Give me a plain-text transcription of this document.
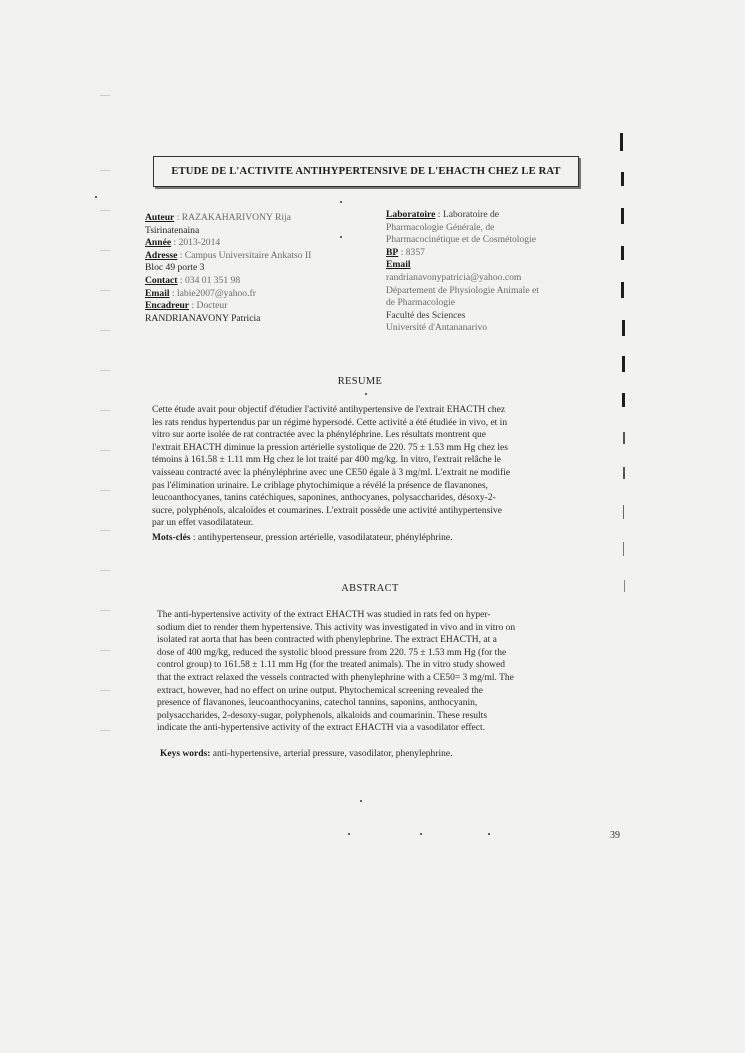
ETUDE DE L'ACTIVITE ANTIHYPERTENSIVE DE L'EHACTH CHEZ LE RAT
Auteur : RAZAKAHARIVONY Rija
Tsirinatenaina
Année : 2013-2014
Adresse : Campus Universitaire Ankatso II
Bloc 49 porte 3
Contact : 034 01 351 98
Email : labie2007@yahoo.fr
Encadreur : Docteur
RANDRIANAVONY Patricia
Laboratoire : Laboratoire de
Pharmacologie Générale, de
Pharmacocinétique et de Cosmétologie
BP : 8357
Email
randrianavonypatricia@yahoo.com
Département de Physiologie Animale et
de Pharmacologie
Faculté des Sciences
Université d'Antananarivo
RESUME
Cette étude avait pour objectif d'étudier l'activité antihypertensive de l'extrait EHACTH chez
les rats rendus hypertendus par un régime hypersodé. Cette activité a été étudiée in vivo, et in
vitro sur aorte isolée de rat contractée avec la phényléphrine. Les résultats montrent que
l'extrait EHACTH diminue la pression artérielle systolique de 220. 75 ± 1.53 mm Hg chez les
témoins à 161.58 ± 1.11 mm Hg chez le lot traité par 400 mg/kg. In vitro, l'extrait relâche le
vaisseau contracté avec la phényléphrine avec une CE50 égale à 3 mg/ml. L'extrait ne modifie
pas l'élimination urinaire. Le criblage phytochimique a révélé la présence de flavanones,
leucoanthocyanes, tanins catéchiques, saponines, anthocyanes, polysaccharides, désoxy-2-
sucre, polyphénols, alcaloïdes et coumarines. L'extrait possède une activité antihypertensive
par un effet vasodilatateur.
Mots-clés : antihypertenseur, pression artérielle, vasodilatateur, phényléphrine.
ABSTRACT
The anti-hypertensive activity of the extract EHACTH was studied in rats fed on hyper-
sodium diet to render them hypertensive. This activity was investigated in vivo and in vitro on
isolated rat aorta that has been contracted with phenylephrine. The extract EHACTH, at a
dose of 400 mg/kg, reduced the systolic blood pressure from 220. 75 ± 1.53 mm Hg (for the
control group) to 161.58 ± 1.11 mm Hg (for the treated animals). The in vitro study showed
that the extract relaxed the vessels contracted with phenylephrine with a CE50= 3 mg/ml. The
extract, however, had no effect on urine output. Phytochemical screening revealed the
presence of flavanones, leucoanthocyanins, catechol tannins, saponins, anthocyanin,
polysaccharides, 2-desoxy-sugar, polyphenols, alkaloids and coumarinin. These results
indicate the anti-hypertensive activity of the extract EHACTH via a vasodilator effect.
Keys words: anti-hypertensive, arterial pressure, vasodilator, phenylephrine.
39
